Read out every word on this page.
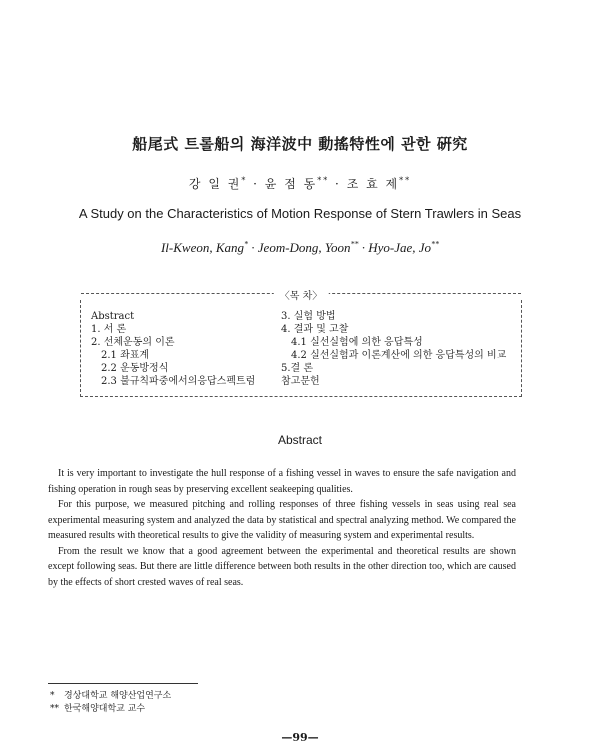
船尾式 트롤船의 海洋波中 動搖特性에 관한 硏究
강 일 권* · 윤 점 동** · 조 효 제**
A Study on the Characteristics of Motion Response of Stern Trawlers in Seas
Il-Kweon, Kang* · Jeom-Dong, Yoon** · Hyo-Jae, Jo**
〈목 차〉
Abstract
1. 서 론
2. 선체운동의 이론
2.1 좌표계
2.2 운동방정식
2.3 불규칙파중에서의응답스펙트럼
3. 실험 방법
4. 결과 및 고찰
4.1 실선실험에 의한 응답특성
4.2 실선실험과 이론계산에 의한 응답특성의 비교
5.결 론
참고문헌
Abstract

It is very important to investigate the hull response of a fishing vessel in waves to ensure the safe navigation and fishing operation in rough seas by preserving excellent seakeeping qualities.

For this purpose, we measured pitching and rolling responses of three fishing vessels in seas using real sea experimental measuring system and analyzed the data by statistical and spectral analyzing method. We compared the measured results with theoretical results to give the validity of measuring system and experimental results.

From the result we know that a good agreement between the experimental and theoretical results are shown except following seas. But there are little difference between both results in the other direction too, which are caused by the effects of short crested waves of real seas.

* 경상대학교 해양산업연구소
** 한국해양대학교 교수
—99—
